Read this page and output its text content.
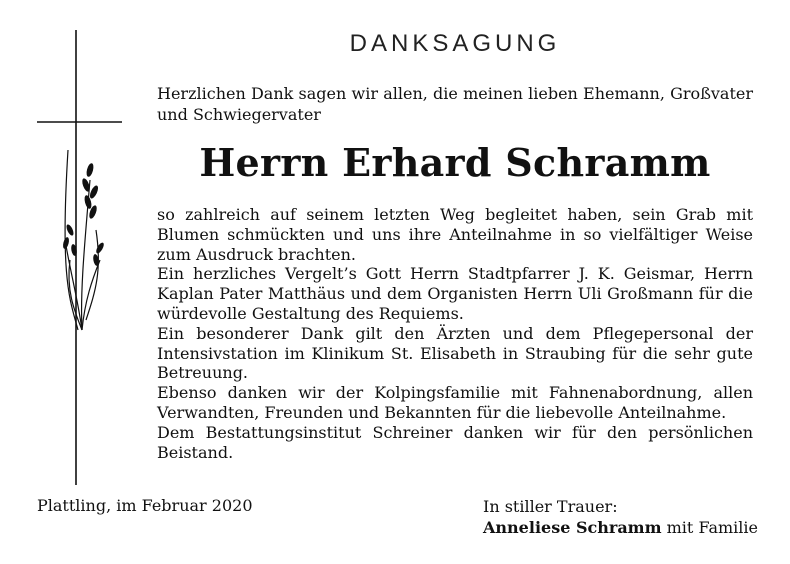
DANKSAGUNG
Herzlichen Dank sagen wir allen, die meinen lieben Ehemann, Großvater und Schwiegervater
Herrn Erhard Schramm

so zahlreich auf seinem letzten Weg begleitet haben, sein Grab mit Blumen schmückten und uns ihre Anteilnahme in so vielfältiger Weise zum Ausdruck brachten.

Ein herzliches Vergelt’s Gott Herrn Stadtpfarrer J. K. Geismar, Herrn Kaplan Pater Matthäus und dem Organisten Herrn Uli Großmann für die würdevolle Gestaltung des Requiems.

Ein besonderer Dank gilt den Ärzten und dem Pflegepersonal der Intensivstation im Klinikum St. Elisabeth in Straubing für die sehr gute Betreuung.

Ebenso danken wir der Kolpingsfamilie mit Fahnenabordnung, allen Verwandten, Freunden und Bekannten für die liebevolle Anteilnahme.

Dem Bestattungsinstitut Schreiner danken wir für den persönlichen Beistand.

Plattling, im Februar 2020	In stiller Trauer:
Anneliese Schramm mit Familie
